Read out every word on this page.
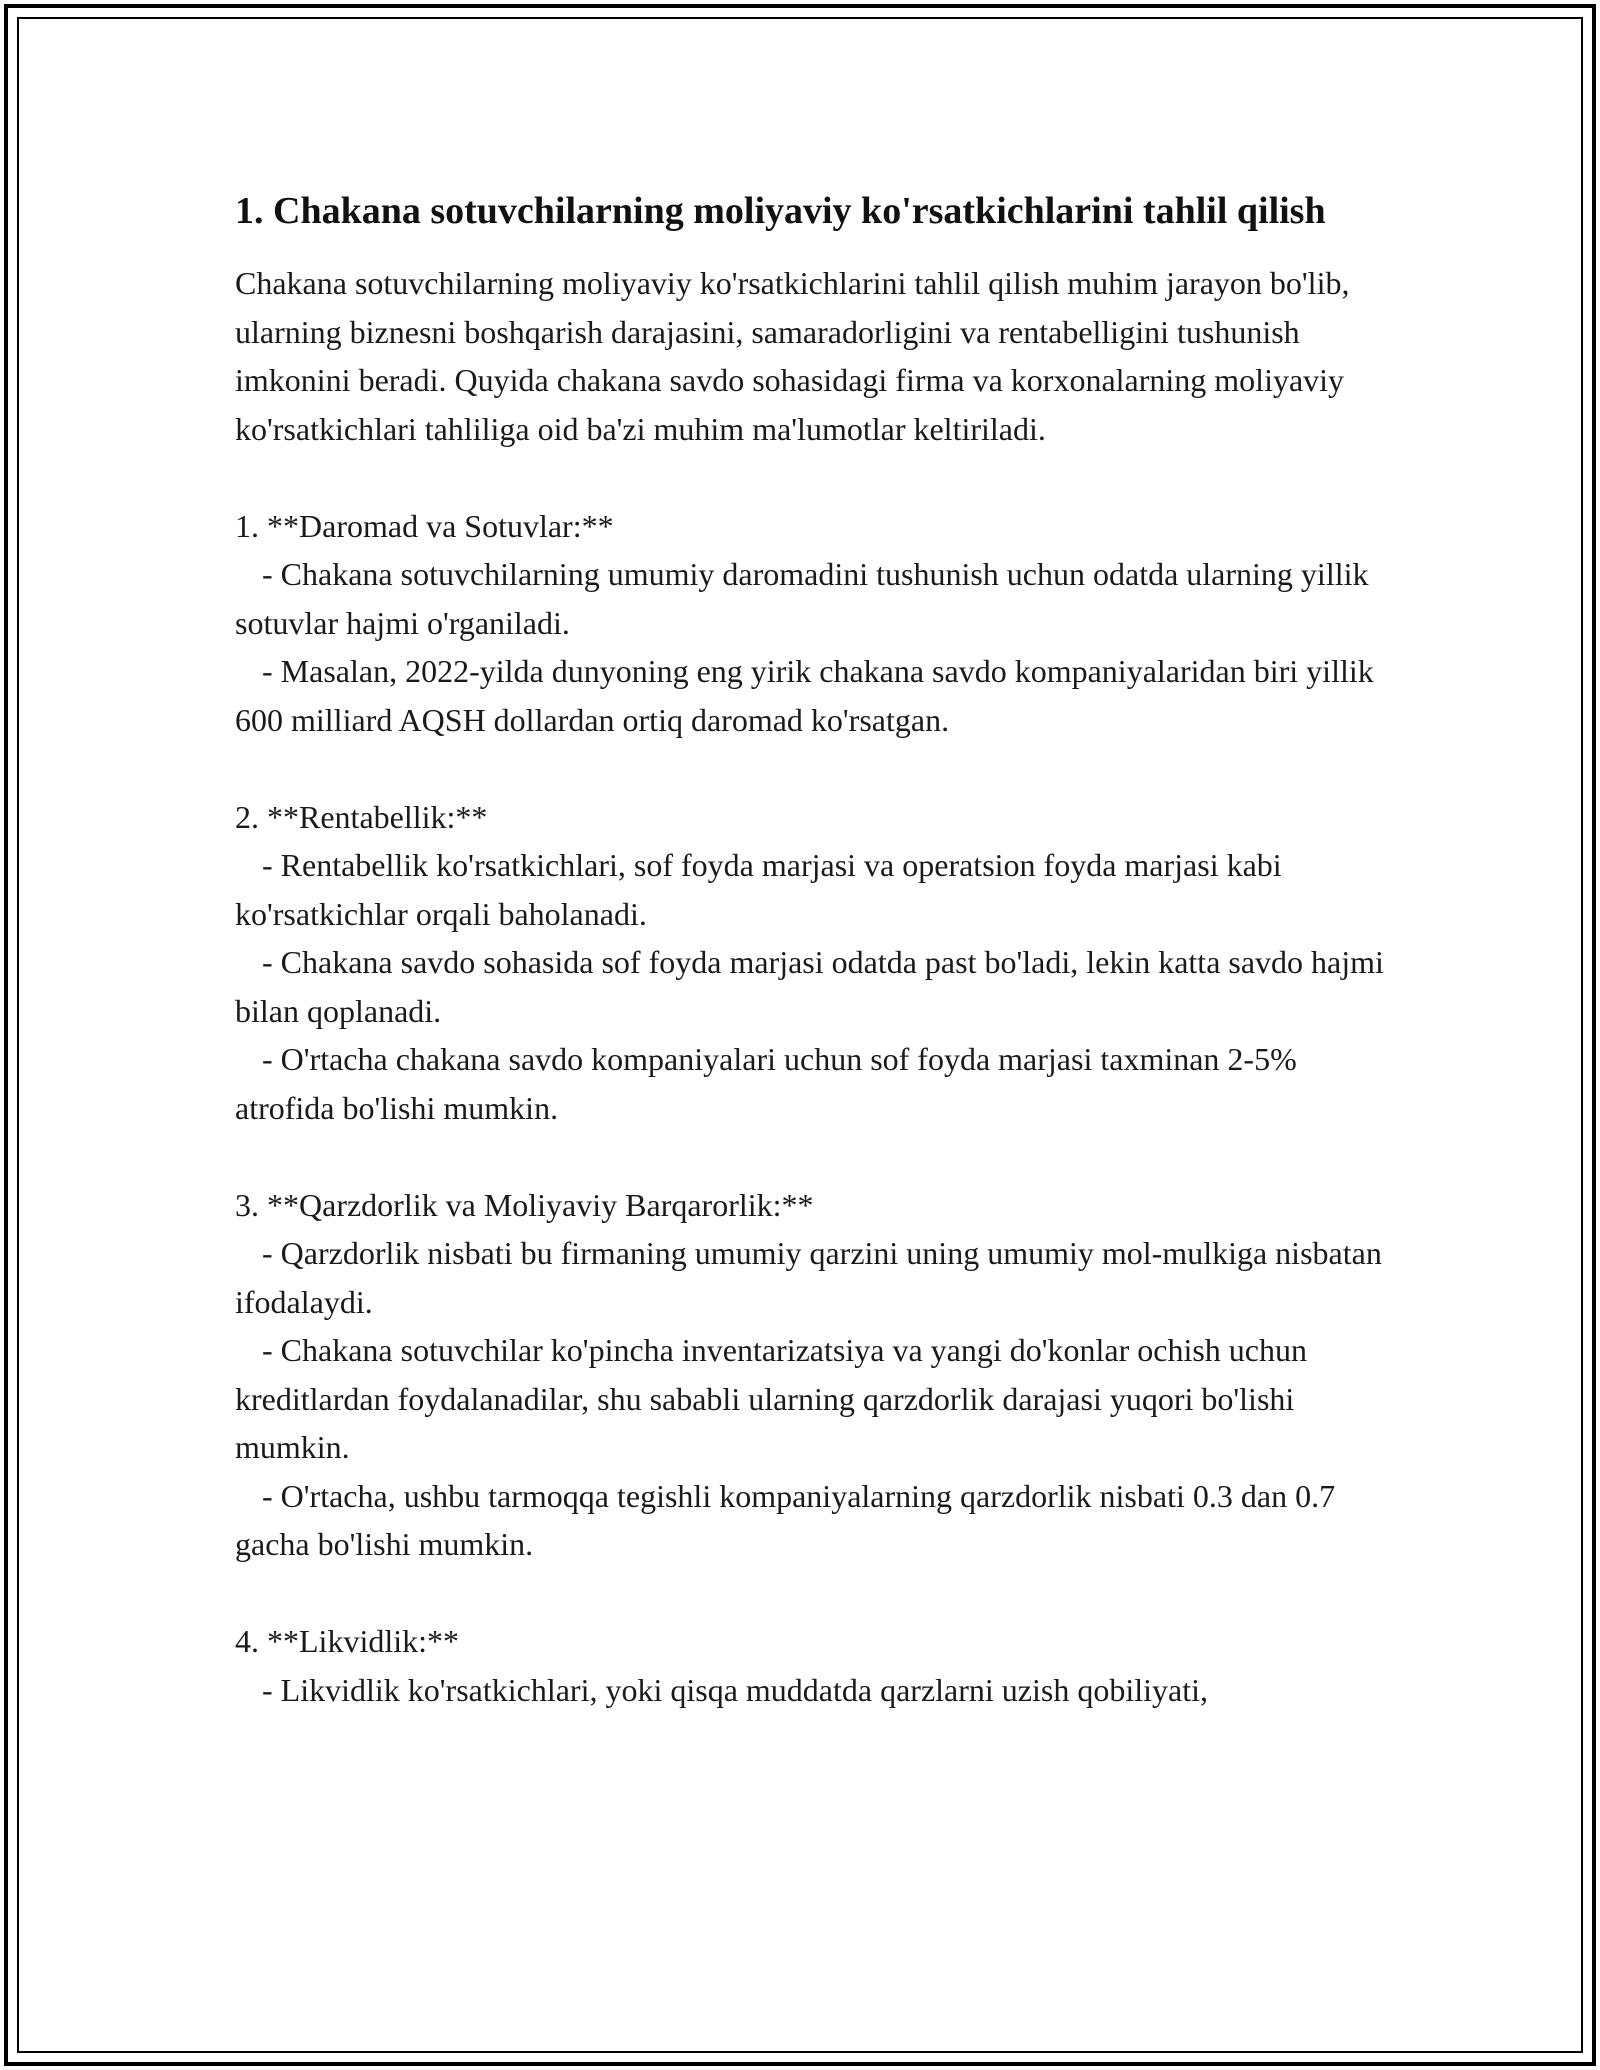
1. Chakana sotuvchilarning moliyaviy ko'rsatkichlarini tahlil qilish

Chakana sotuvchilarning moliyaviy ko'rsatkichlarini tahlil qilish muhim jarayon bo'lib, ularning biznesni boshqarish darajasini, samaradorligini va rentabelligini tushunish imkonini beradi. Quyida chakana savdo sohasidagi firma va korxonalarning moliyaviy ko'rsatkichlari tahliliga oid ba'zi muhim ma'lumotlar keltiriladi.

1. **Daromad va Sotuvlar:**

- Chakana sotuvchilarning umumiy daromadini tushunish uchun odatda ularning yillik sotuvlar hajmi o'rganiladi.

- Masalan, 2022-yilda dunyoning eng yirik chakana savdo kompaniyalaridan biri yillik 600 milliard AQSH dollardan ortiq daromad ko'rsatgan.

2. **Rentabellik:**

- Rentabellik ko'rsatkichlari, sof foyda marjasi va operatsion foyda marjasi kabi ko'rsatkichlar orqali baholanadi.

- Chakana savdo sohasida sof foyda marjasi odatda past bo'ladi, lekin katta savdo hajmi bilan qoplanadi.

- O'rtacha chakana savdo kompaniyalari uchun sof foyda marjasi taxminan 2-5% atrofida bo'lishi mumkin.

3. **Qarzdorlik va Moliyaviy Barqarorlik:**

- Qarzdorlik nisbati bu firmaning umumiy qarzini uning umumiy mol-mulkiga nisbatan ifodalaydi.

- Chakana sotuvchilar ko'pincha inventarizatsiya va yangi do'konlar ochish uchun kreditlardan foydalanadilar, shu sababli ularning qarzdorlik darajasi yuqori bo'lishi mumkin.

- O'rtacha, ushbu tarmoqqa tegishli kompaniyalarning qarzdorlik nisbati 0.3 dan 0.7 gacha bo'lishi mumkin.

4. **Likvidlik:**

- Likvidlik ko'rsatkichlari, yoki qisqa muddatda qarzlarni uzish qobiliyati,
